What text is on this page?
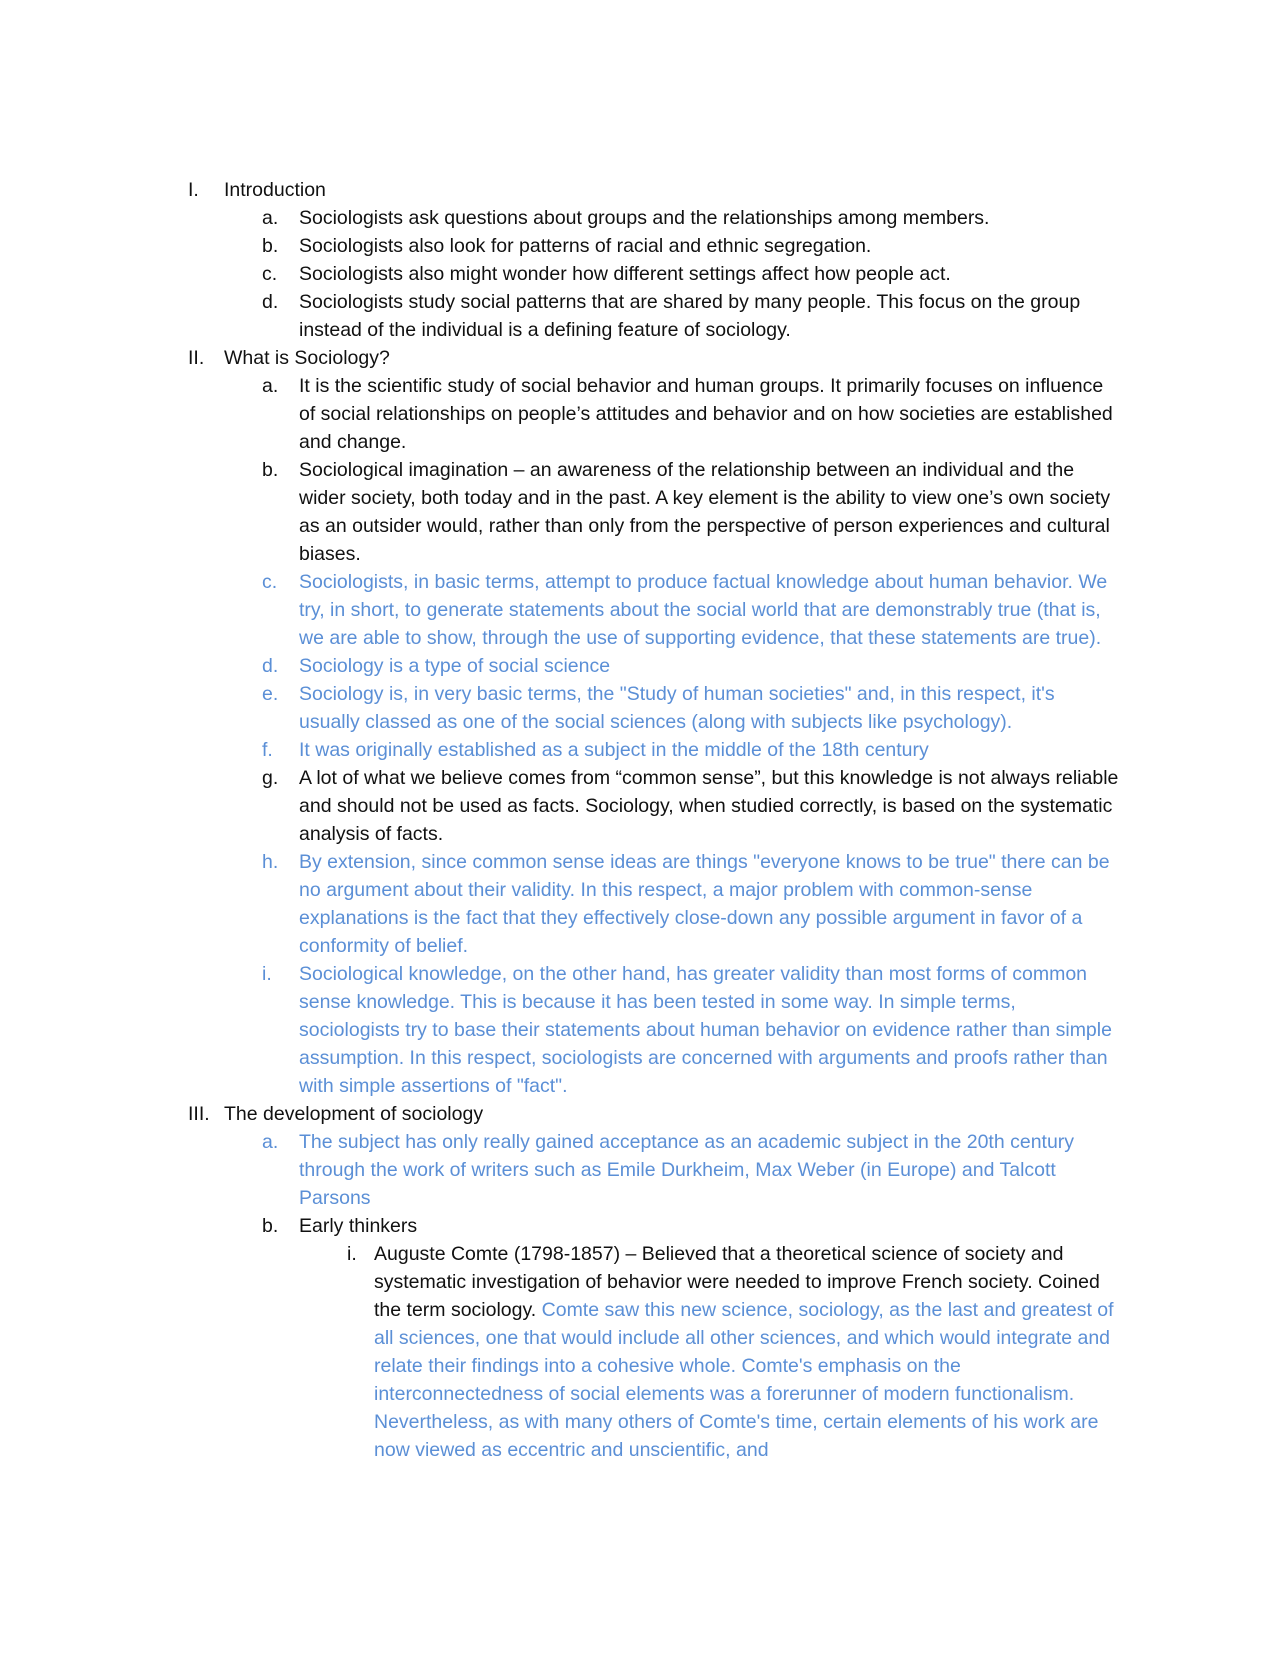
I. Introduction
a. Sociologists ask questions about groups and the relationships among members.
b. Sociologists also look for patterns of racial and ethnic segregation.
c. Sociologists also might wonder how different settings affect how people act.
d. Sociologists study social patterns that are shared by many people. This focus on the group instead of the individual is a defining feature of sociology.
II. What is Sociology?
a. It is the scientific study of social behavior and human groups. It primarily focuses on influence of social relationships on people’s attitudes and behavior and on how societies are established and change.
b. Sociological imagination – an awareness of the relationship between an individual and the wider society, both today and in the past. A key element is the ability to view one’s own society as an outsider would, rather than only from the perspective of person experiences and cultural biases.
c. Sociologists, in basic terms, attempt to produce factual knowledge about human behavior. We try, in short, to generate statements about the social world that are demonstrably true (that is, we are able to show, through the use of supporting evidence, that these statements are true).
d. Sociology is a type of social science
e. Sociology is, in very basic terms, the "Study of human societies" and, in this respect, it's usually classed as one of the social sciences (along with subjects like psychology).
f. It was originally established as a subject in the middle of the 18th century
g. A lot of what we believe comes from “common sense”, but this knowledge is not always reliable and should not be used as facts. Sociology, when studied correctly, is based on the systematic analysis of facts.
h. By extension, since common sense ideas are things "everyone knows to be true" there can be no argument about their validity. In this respect, a major problem with common-sense explanations is the fact that they effectively close-down any possible argument in favor of a conformity of belief.
i. Sociological knowledge, on the other hand, has greater validity than most forms of common sense knowledge. This is because it has been tested in some way. In simple terms, sociologists try to base their statements about human behavior on evidence rather than simple assumption. In this respect, sociologists are concerned with arguments and proofs rather than with simple assertions of "fact".
III. The development of sociology
a. The subject has only really gained acceptance as an academic subject in the 20th century through the work of writers such as Emile Durkheim, Max Weber (in Europe) and Talcott Parsons
b. Early thinkers
i. Auguste Comte (1798-1857) – Believed that a theoretical science of society and systematic investigation of behavior were needed to improve French society. Coined the term sociology. Comte saw this new science, sociology, as the last and greatest of all sciences, one that would include all other sciences, and which would integrate and relate their findings into a cohesive whole. Comte's emphasis on the interconnectedness of social elements was a forerunner of modern functionalism. Nevertheless, as with many others of Comte's time, certain elements of his work are now viewed as eccentric and unscientific, and
